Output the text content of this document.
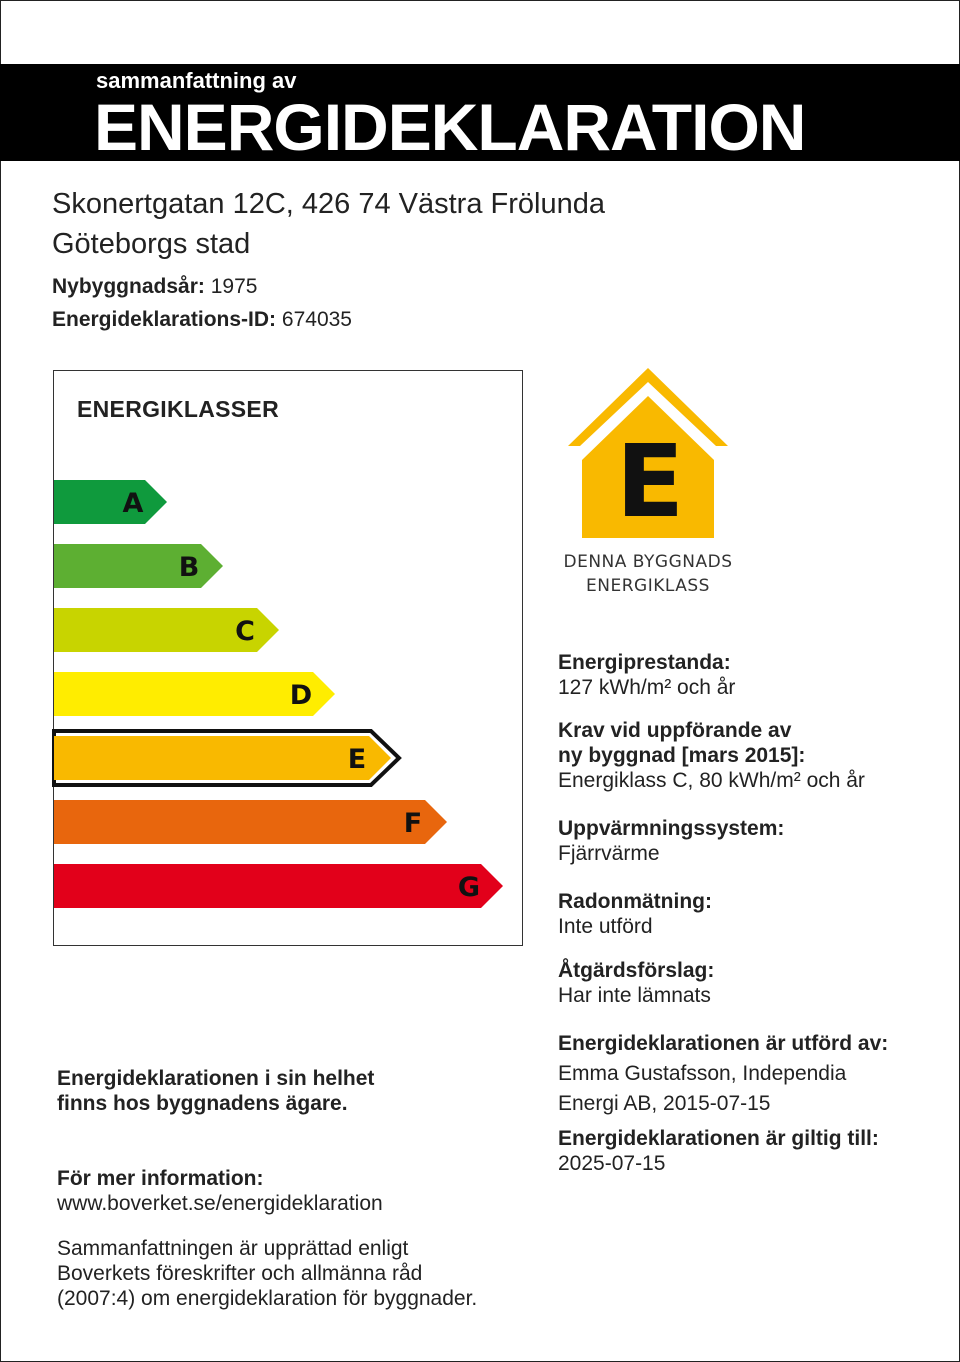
sammanfattning av
ENERGIDEKLARATION
Skonertgatan 12C, 426 74 Västra Frölunda
Göteborgs stad
Nybyggnadsår: 1975
Energideklarations-ID: 674035
ENERGIKLASSER
A
B
C
D
E
F
G
E
DENNA BYGGNADS
ENERGIKLASS
Energiprestanda:
127 kWh/m² och år
Krav vid uppförande av
ny byggnad [mars 2015]:
Energiklass C, 80 kWh/m² och år
Uppvärmningssystem:
Fjärrvärme
Radonmätning:
Inte utförd
Åtgärdsförslag:
Har inte lämnats
Energideklarationen är utförd av:
Emma Gustafsson, Independia
Energi AB, 2015-07-15
Energideklarationen är giltig till:
2025-07-15
Energideklarationen i sin helhet
finns hos byggnadens ägare.
För mer information:
www.boverket.se/energideklaration
Sammanfattningen är upprättad enligt
Boverkets föreskrifter och allmänna råd
(2007:4) om energideklaration för byggnader.
